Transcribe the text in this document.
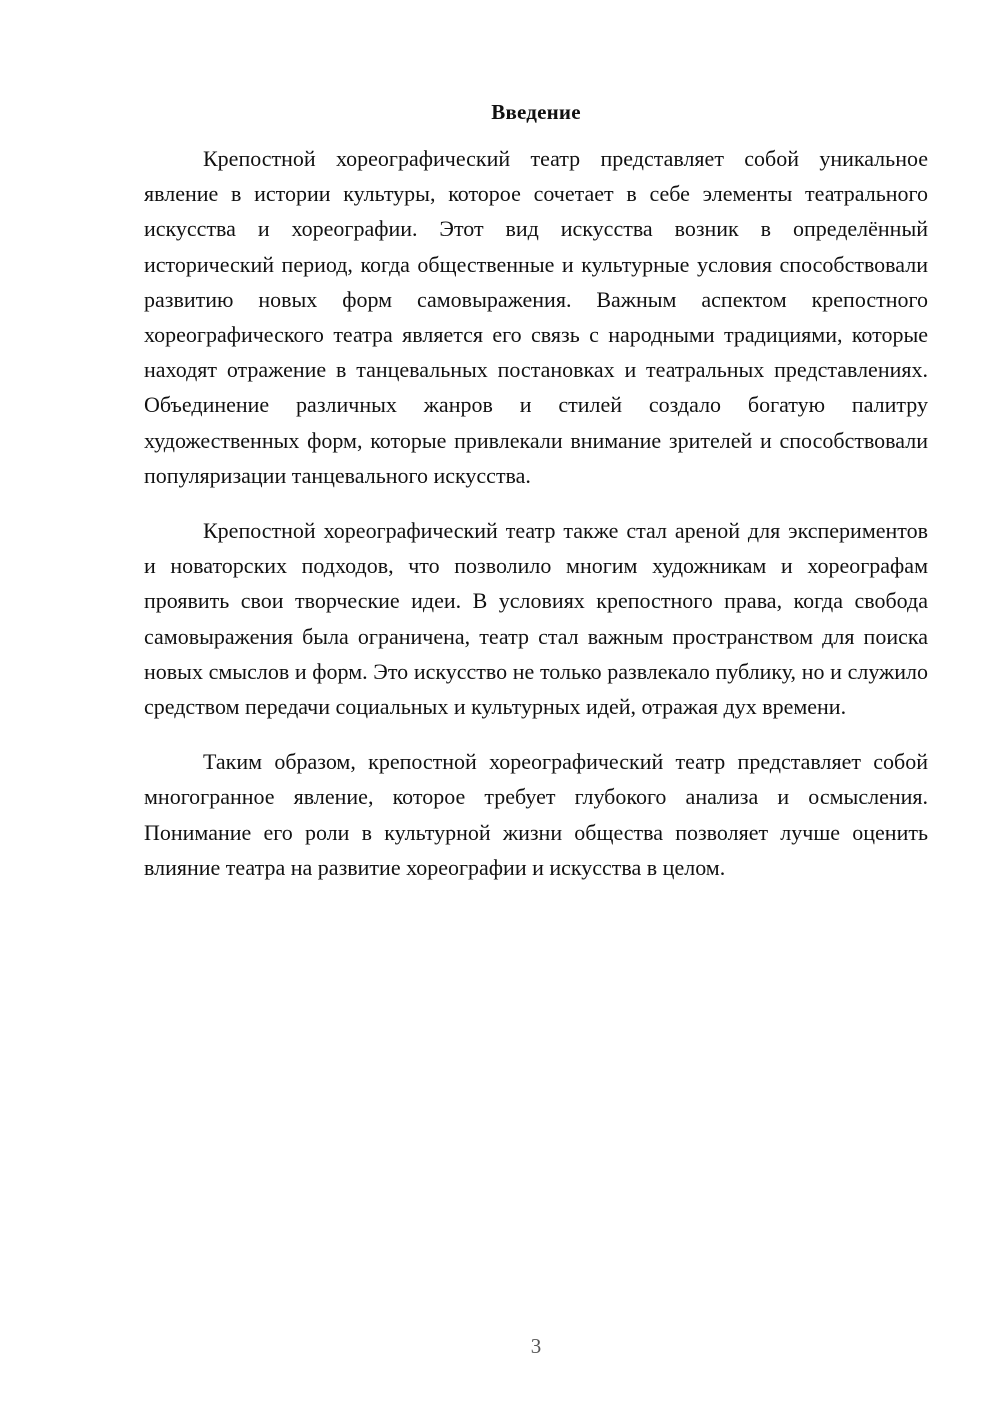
Введение

Крепостной хореографический театр представляет собой уникальное явление в истории культуры, которое сочетает в себе элементы театрального искусства и хореографии. Этот вид искусства возник в определённый исторический период, когда общественные и культурные условия способствовали развитию новых форм самовыражения. Важным аспектом крепостного хореографического театра является его связь с народными традициями, которые находят отражение в танцевальных постановках и театральных представлениях. Объединение различных жанров и стилей создало богатую палитру художественных форм, которые привлекали внимание зрителей и способствовали популяризации танцевального искусства.

Крепостной хореографический театр также стал ареной для экспериментов и новаторских подходов, что позволило многим художникам и хореографам проявить свои творческие идеи. В условиях крепостного права, когда свобода самовыражения была ограничена, театр стал важным пространством для поиска новых смыслов и форм. Это искусство не только развлекало публику, но и служило средством передачи социальных и культурных идей, отражая дух времени.

Таким образом, крепостной хореографический театр представляет собой многогранное явление, которое требует глубокого анализа и осмысления. Понимание его роли в культурной жизни общества позволяет лучше оценить влияние театра на развитие хореографии и искусства в целом.

3
